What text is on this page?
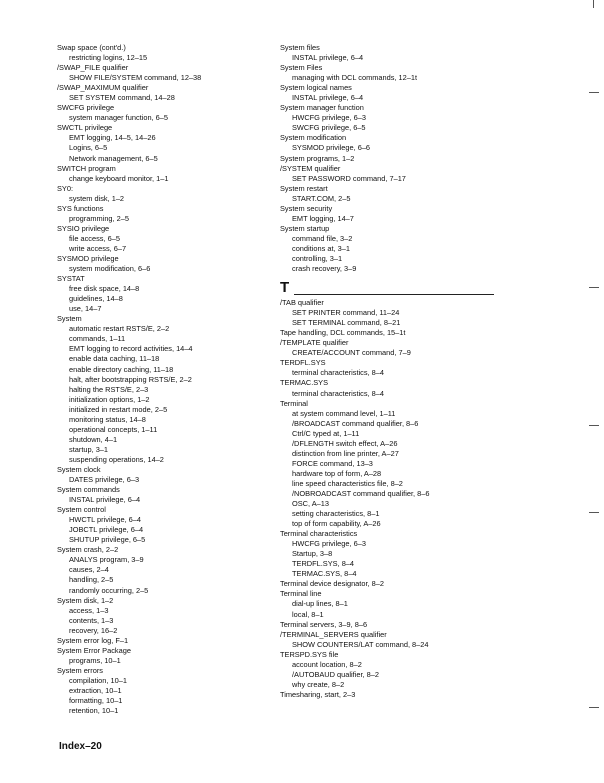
Swap space (cont'd.)
restricting logins, 12–15
/SWAP_FILE qualifier
SHOW FILE/SYSTEM command, 12–38
/SWAP_MAXIMUM qualifier
SET SYSTEM command, 14–28
SWCFG privilege
system manager function, 6–5
SWCTL privilege
EMT logging, 14–5, 14–26
Logins, 6–5
Network management, 6–5
SWITCH program
change keyboard monitor, 1–1
SY0:
system disk, 1–2
SYS functions
programming, 2–5
SYSIO privilege
file access, 6–5
write access, 6–7
SYSMOD privilege
system modification, 6–6
SYSTAT
free disk space, 14–8
guidelines, 14–8
use, 14–7
System
automatic restart RSTS/E, 2–2
commands, 1–11
EMT logging to record activities, 14–4
enable data caching, 11–18
enable directory caching, 11–18
halt, after bootstrapping RSTS/E, 2–2
halting the RSTS/E, 2–3
initialization options, 1–2
initialized in restart mode, 2–5
monitoring status, 14–8
operational concepts, 1–11
shutdown, 4–1
startup, 3–1
suspending operations, 14–2
System clock
DATES privilege, 6–3
System commands
INSTAL privilege, 6–4
System control
HWCTL privilege, 6–4
JOBCTL privilege, 6–4
SHUTUP privilege, 6–5
System crash, 2–2
ANALYS program, 3–9
causes, 2–4
handling, 2–5
randomly occurring, 2–5
System disk, 1–2
access, 1–3
contents, 1–3
recovery, 16–2
System error log, F–1
System Error Package
programs, 10–1
System errors
compilation, 10–1
extraction, 10–1
formatting, 10–1
retention, 10–1
System files
INSTAL privilege, 6–4
System Files
managing with DCL commands, 12–1t
System logical names
INSTAL privilege, 6–4
System manager function
HWCFG privilege, 6–3
SWCFG privilege, 6–5
System modification
SYSMOD privilege, 6–6
System programs, 1–2
/SYSTEM qualifier
SET PASSWORD command, 7–17
System restart
START.COM, 2–5
System security
EMT logging, 14–7
System startup
command file, 3–2
conditions at, 3–1
controlling, 3–1
crash recovery, 3–9
T
/TAB qualifier
SET PRINTER command, 11–24
SET TERMINAL command, 8–21
Tape handling, DCL commands, 15–1t
/TEMPLATE qualifier
CREATE/ACCOUNT command, 7–9
TERDFL.SYS
terminal characteristics, 8–4
TERMAC.SYS
terminal characteristics, 8–4
Terminal
at system command level, 1–11
/BROADCAST command qualifier, 8–6
Ctrl/C typed at, 1–11
/DFLENGTH switch effect, A–26
distinction from line printer, A–27
FORCE command, 13–3
hardware top of form, A–28
line speed characteristics file, 8–2
/NOBROADCAST command qualifier, 8–6
OSC, A–13
setting characteristics, 8–1
top of form capability, A–26
Terminal characteristics
HWCFG privilege, 6–3
Startup, 3–8
TERDFL.SYS, 8–4
TERMAC.SYS, 8–4
Terminal device designator, 8–2
Terminal line
dial-up lines, 8–1
local, 8–1
Terminal servers, 3–9, 8–6
/TERMINAL_SERVERS qualifier
SHOW COUNTERS/LAT command, 8–24
TERSPD.SYS file
account location, 8–2
/AUTOBAUD qualifier, 8–2
why create, 8–2
Timesharing, start, 2–3
Index–20
